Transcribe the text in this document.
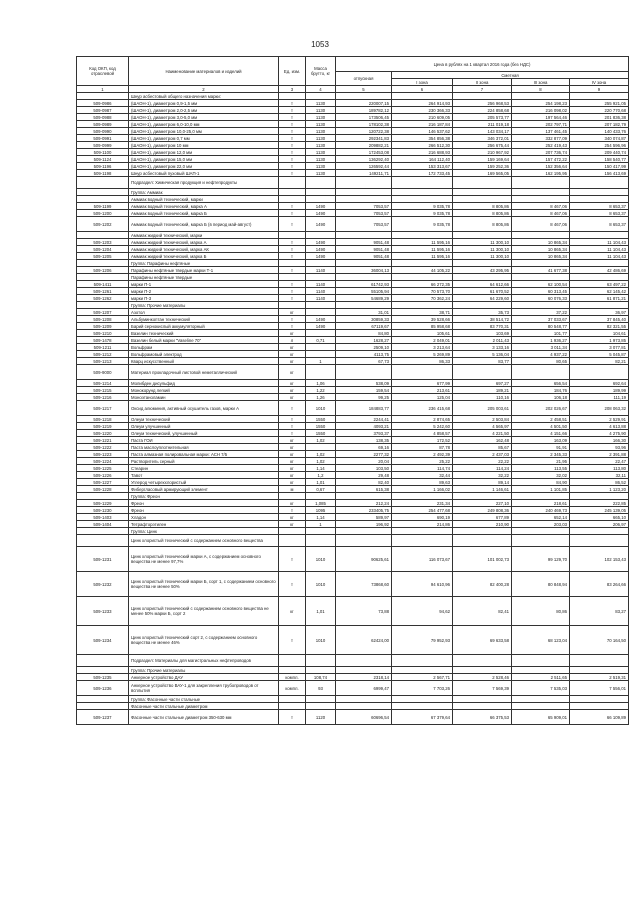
1053
Код ОКП, код отраслевой	Наименование материалов и изделий	Ед. изм.	Масса брутто, кг	Цена в рублях на 1 квартал 2016 года (без НДС)				
				отпускная	Сметная			
					I зона	II зона	III зона	IV зона
1	2	3	4	5	6	7	8	9
	Шнур асбестовый общего назначения марки:							
509-0986	(ШАОН-1), диаметром 0,9-1,5 мм	т	1130	220007,15	264 914,93	256 968,53	254 198,23	255 921,05
509-0987	(ШАОН-1), диаметром 2,0-2,5 мм	т	1130	189782,12	230 366,33	224 858,68	216 098,02	220 770,68
509-0988	(ШАОН-1), диаметром 3,0-5,0 мм	т	1130	173506,45	210 609,05	205 573,77	197 564,46	201 836,38
509-0989	(ШАОН-1), диаметром 6,0-10,0 мм	т	1130	178102,38	216 187,84	211 019,18	202 797,71	207 182,79
509-0990	(ШАОН-1), диаметром 10,0-25,0 мм	т	1130	120722,38	146 537,62	143 034,17	137 461,45	140 433,76
509-0991	(ШАОН-1), диаметром 0,7 мм	т	1130	292341,83	354 856,38	346 372,01	332 877,09	340 074,87
509-0999	(ШАОН-1), диаметром 10 мм	т	1130	209882,21	266 512,30	256 675,44	252 419,43	254 596,96
509-1100	(ШАОН-1), диаметром 12,0 мм	т	1130	172453,08	216 688,93	210 967,92	207 736,74	209 440,74
509-1124	(ШАОН-1), диаметром 15,0 мм	т	1130	136292,40	164 112,40	159 169,64	157 472,22	158 540,77
509-1196	(ШАОН-1), диаметром 22,0 мм	т	1130	126592,44	153 313,67	159 252,36	152 356,64	150 417,99
509-1198	Шнур асбестовый пуховый ШАП-1	т	1130	149211,71	172 733,45	169 565,05	162 195,95	156 413,69
	Подраздел: Химическая продукция и нефтепродукты							
	Группа: Аммиак							
	Аммиак водный технический, марки							
509-1199	Аммиак водный технический, марка А	т	1490	7053,57	9 035,78	8 805,86	8 467,06	8 653,37
509-1200	Аммиак водный технический, марка Б	т	1490	7053,57	9 035,78	8 805,86	8 467,06	8 653,37
509-1202	Аммиак водный технический, марка Б (в период май-август)	т	1490	7053,57	9 035,78	8 805,86	8 467,06	8 653,37
	Аммиак жидкий технический, марки							
509-1203	Аммиак жидкий технический, марка А	т	1490	9051,48	11 595,16	11 300,10	10 865,34	11 104,43
509-1204	Аммиак жидкий технический, марка АК	т	1490	9051,48	11 595,16	11 300,10	10 865,34	11 104,43
509-1205	Аммиак жидкий технический, марка Б	т	1490	9051,48	11 595,16	11 300,10	10 865,34	11 104,43
	Группа: Парафины нефтяные							
509-1206	Парафины нефтяные твердые марки Т-1	т	1140	36004,13	44 105,22	43 295,95	41 677,38	42 486,69
	Парафины нефтяные твердые							
509-1411	марки П-1	т	1140	61742,93	66 272,35	64 612,66	62 100,54	63 497,22
509-1261	марки П-2	т	1140	55105,94	70 573,70	61 670,52	60 313,45	62 145,42
509-1262	марки П-3	т	1140	54689,29	70 362,24	64 229,60	60 076,33	61 871,21
	Группа: Прочие материалы							
509-1207	Азотол	кг		31,01	38,71	35,73	37,22	36,97
509-1208	Альбуминкоптан технический	т	1490	30859,33	39 528,66	38 514,72	37 033,67	37 845,40
509-1209	Барий сернокислый аккумуляторный	т	1490	67119,67	85 958,68	83 770,31	80 548,77	82 321,55
509-1210	Вазелин технический	кг		84,80	105,61	103,69	101,77	104,61
509-1478	Вазелин белый марки "Vaseline 70"	л	0,71	1628,27	2 049,01	2 011,43	1 936,27	1 973,85
509-1211	Вольфрам	кг		2509,10	3 213,64	3 133,16	3 011,34	3 077,81
509-1212	Вольфрамовый электрод	кг		4113,75	5 269,89	5 136,04	4 937,22	5 045,87
509-1213	Кварц искусственный	кг	1	67,73	86,33	83,77	80,65	82,21
509-9000	Материал прокладочный листовой неметаллический	кг						
509-1214	Молибден дисульфид	кг	1,06	538,09	677,99	697,27	656,54	692,64
509-1215	Монокорунд легкий	кг	1,22	159,54	213,61	189,21	184,76	189,99
509-1216	Моноэтаноламин	кг	1,26	99,25	125,04	110,16	106,18	111,19
509-1217	Оксид алюминия, активный осушитель газов, марки А	т	1010	184883,77	236 415,68	205 003,61	202 026,67	208 063,32
509-1218	Олеум технический	т	1550	2244,41	2 874,65	2 503,84	2 458,51	2 529,91
509-1219	Олеум улучшенный	т	1550	4093,21	5 242,60	4 565,97	4 501,50	4 613,88
509-1220	Олеум технический, улучшенный	т	1550	3793,37	4 858,57	4 221,50	4 151,66	4 275,90
509-1221	Паста ГОИ	кг	1,02	138,35	172,52	162,48	163,09	166,30
509-1222	Паста маслоуплотнительная	кг		69,16	87,78	85,67	91,91	93,96
509-1223	Паста алмазная полировальная марки: АСН 7/5	кг	1,02	2277,32	2 492,39	2 437,03	2 345,33	2 391,88
509-1224	Растворитель серный	кг	1,02	20,04	25,22	22,22	21,95	22,47
509-1225	Стеарин	кг	1,14	103,50	114,74	114,24	113,55	113,80
509-1226	Тавот	кг	1,2	29,48	32,44	32,22	32,02	32,11
509-1227	Углерод четыреххлористый	кг	1,01	82,40	89,63	89,14	84,90	86,52
509-1228	Фибергласовый армирующий элемент	м	0,67	615,38	1 166,02	1 146,61	1 101,85	1 123,20
	Группа: Фреон							
509-1229	Фреон	кг	1,085	212,24	231,34	227,10	218,61	222,85
509-1230	Фреон	т	1095	233405,75	254 477,68	249 808,36	240 469,73	245 139,05
509-1403	Хладон	кг	1,14	589,97	690,19	677,89	652,14	665,10
509-1404	Тетрафторэтилен	кг	1	196,92	214,86	210,90	203,03	206,97
	Группа: Цинк							
	Цинк хлористый технический с содержанием основного вещества							
509-1231	Цинк хлористый технический марки А, с содержанием основного вещества не менее 97,7%	т	1010	90625,61	116 073,67	101 002,73	99 129,70	102 153,43
509-1232	Цинк хлористый технический марки Б, сорт 1, с содержанием основного вещества не менее 50%	т	1010	73868,60	94 610,96	82 400,28	80 848,94	83 264,66
509-1233	Цинк хлористый технический с содержанием основного вещества не менее 50% марки Б, сорт 2	кг	1,01	73,88	94,62	82,41	80,86	83,27
509-1234	Цинк хлористый технический сорт 2, с содержанием основного вещества не менее 46%	т	1010	62424,00	79 952,93	69 633,58	68 123,04	70 164,50
	Подраздел: Материалы для магистральных нефтепроводов							
	Группа: Прочие материалы							
509-1235	Анкерное устройство ДАУ	компл.	108,74	2318,14	2 567,71	2 528,46	2 511,65	2 519,31
509-1236	Анкерное устройство ВАУ-1 для закрепления трубопроводов от всплытия	компл.	93	6999,47	7 703,26	7 569,39	7 535,03	7 556,01
	Группа: Фасонные части стальные							
	Фасонные части стальные диаметром							
509-1237	Фасонные части стальные диаметром 350-630 мм	т	1120	60696,54	67 379,64	66 375,53	65 909,01	66 109,89
